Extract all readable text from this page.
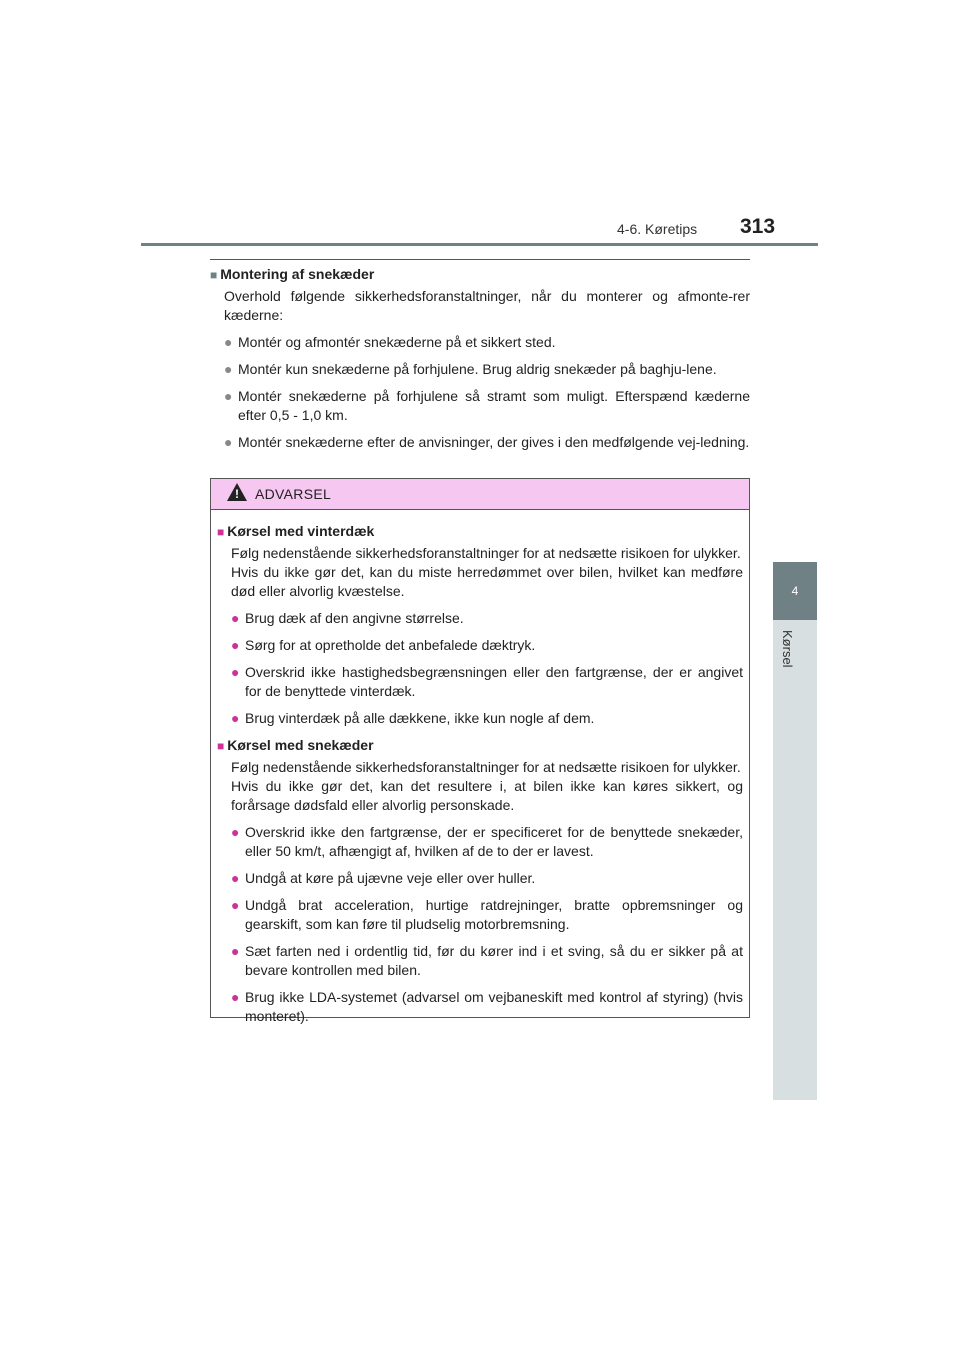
4-6. Køretips 313
4
Kørsel

■ Montering af snekæder

Overhold følgende sikkerhedsforanstaltninger, når du monterer og afmonte-rer kæderne:

● Montér og afmontér snekæderne på et sikkert sted.
● Montér kun snekæderne på forhjulene. Brug aldrig snekæder på baghju-lene.
● Montér snekæderne på forhjulene så stramt som muligt. Efterspænd kæderne efter 0,5 - 1,0 km.
● Montér snekæderne efter de anvisninger, der gives i den medfølgende vej-ledning.
! ADVARSEL

■ Kørsel med vinterdæk

Følg nedenstående sikkerhedsforanstaltninger for at nedsætte risikoen for ulykker.

Hvis du ikke gør det, kan du miste herredømmet over bilen, hvilket kan medføre død eller alvorlig kvæstelse.

● Brug dæk af den angivne størrelse.
● Sørg for at opretholde det anbefalede dæktryk.
● Overskrid ikke hastighedsbegrænsningen eller den fartgrænse, der er angivet for de benyttede vinterdæk.
● Brug vinterdæk på alle dækkene, ikke kun nogle af dem.

■ Kørsel med snekæder

Følg nedenstående sikkerhedsforanstaltninger for at nedsætte risikoen for ulykker.

Hvis du ikke gør det, kan det resultere i, at bilen ikke kan køres sikkert, og forårsage dødsfald eller alvorlig personskade.

● Overskrid ikke den fartgrænse, der er specificeret for de benyttede snekæder, eller 50 km/t, afhængigt af, hvilken af de to der er lavest.
● Undgå at køre på ujævne veje eller over huller.
● Undgå brat acceleration, hurtige ratdrejninger, bratte opbremsninger og gearskift, som kan føre til pludselig motorbremsning.
● Sæt farten ned i ordentlig tid, før du kører ind i et sving, så du er sikker på at bevare kontrollen med bilen.
● Brug ikke LDA-systemet (advarsel om vejbaneskift med kontrol af styring) (hvis monteret).
